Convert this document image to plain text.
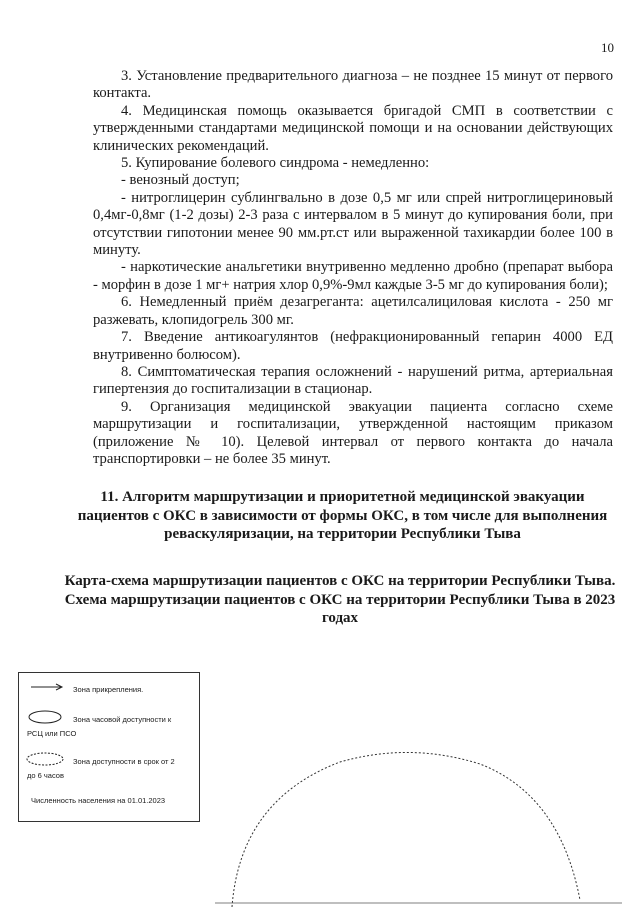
10

3. Установление предварительного диагноза – не позднее 15 минут от первого контакта.

4. Медицинская помощь оказывается бригадой СМП в соответствии с утвержденными стандартами медицинской помощи и на основании действующих клинических рекомендаций.

5. Купирование болевого синдрома - немедленно:

- венозный доступ;

- нитроглицерин сублингвально в дозе 0,5 мг или спрей нитроглицериновый 0,4мг-0,8мг (1-2 дозы) 2-3 раза с интервалом в 5 минут до купирования боли, при отсутствии гипотонии менее 90 мм.рт.ст или выраженной тахикардии более 100 в минуту.

- наркотические анальгетики внутривенно медленно дробно (препарат выбора - морфин в дозе 1 мг+ натрия хлор 0,9%-9мл каждые 3-5 мг до купирования боли);

6. Немедленный приём дезагреганта: ацетилсалициловая кислота - 250 мг разжевать, клопидогрель 300 мг.

7. Введение антикоагулянтов (нефракционированный гепарин 4000 ЕД внутривенно болюсом).

8. Симптоматическая терапия осложнений - нарушений ритма, артериальная гипертензия до госпитализации в стационар.

9. Организация медицинской эвакуации пациента согласно схеме маршрутизации и госпитализации, утвержденной настоящим приказом (приложение № 10). Целевой интервал от первого контакта до начала транспортировки – не более 35 минут.

11. Алгоритм маршрутизации и приоритетной медицинской эвакуации пациентов с ОКС в зависимости от формы ОКС, в том числе для выполнения реваскуляризации, на территории Республики Тыва
Карта-схема маршрутизации пациентов с ОКС на территории Республики Тыва. Схема маршрутизации пациентов с ОКС на территории Республики Тыва в 2023 годах
Зона прикрепления.
Зона часовой доступности к
РСЦ или ПСО
Зона доступности в срок от 2
до 6 часов
Численность населения на 01.01.2023
